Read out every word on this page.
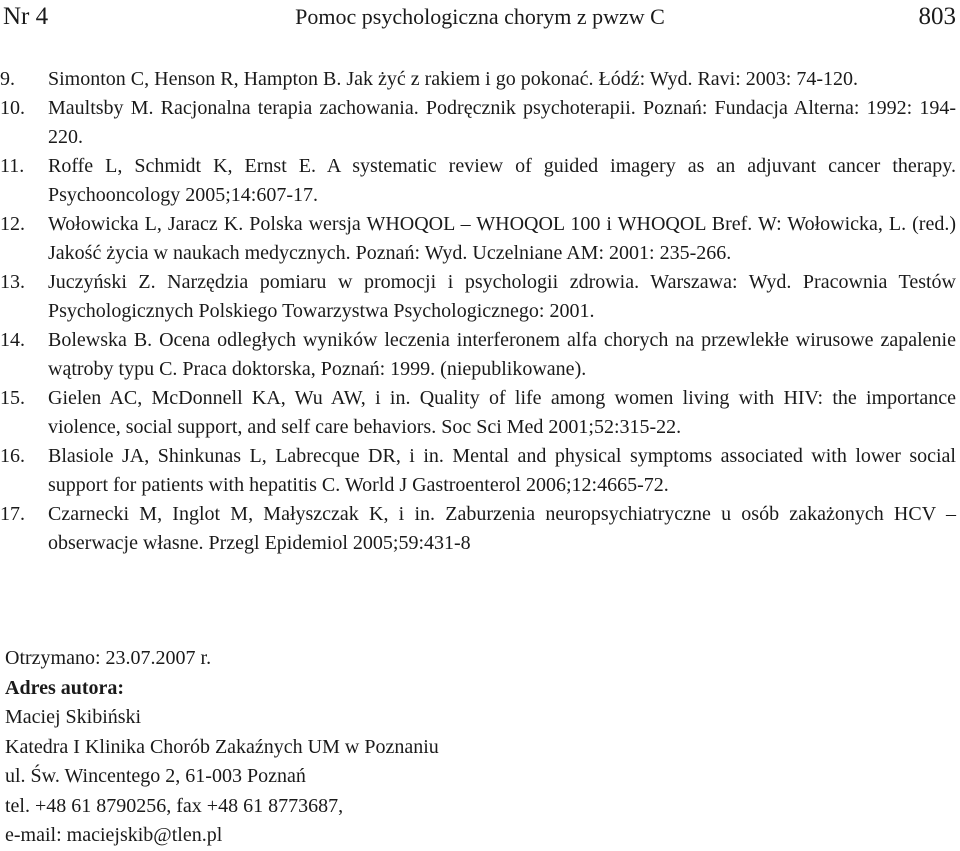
Pomoc psychologiczna chorym z pwzw C
Nr 4	803
9.	Simonton C, Henson R, Hampton B. Jak żyć z rakiem i go pokonać. Łódź: Wyd. Ravi: 2003: 74-120.
10.	Maultsby M. Racjonalna terapia zachowania. Podręcznik psychoterapii. Poznań: Fundacja Alterna: 1992: 194-220.
11.	Roffe L, Schmidt K, Ernst E. A systematic review of guided imagery as an adjuvant cancer therapy. Psychooncology 2005;14:607-17.
12.	Wołowicka L, Jaracz K. Polska wersja WHOQOL – WHOQOL 100 i WHOQOL Bref. W: Wołowicka, L. (red.) Jakość życia w naukach medycznych. Poznań: Wyd. Uczelniane AM: 2001: 235-266.
13.	Juczyński Z. Narzędzia pomiaru w promocji i psychologii zdrowia. Warszawa: Wyd. Pracownia Testów Psychologicznych Polskiego Towarzystwa Psychologicznego: 2001.
14.	Bolewska B. Ocena odległych wyników leczenia interferonem alfa chorych na przewlekłe wirusowe zapalenie wątroby typu C. Praca doktorska, Poznań: 1999. (niepublikowane).
15.	Gielen AC, McDonnell KA, Wu AW, i in. Quality of life among women living with HIV: the importance violence, social support, and self care behaviors. Soc Sci Med 2001;52:315-22.
16.	Blasiole JA, Shinkunas L, Labrecque DR, i in. Mental and physical symptoms associated with lower social support for patients with hepatitis C. World J Gastroenterol 2006;12:4665-72.
17.	Czarnecki M, Inglot M, Małyszczak K, i in. Zaburzenia neuropsychiatryczne u osób zakażonych HCV – obserwacje własne. Przegl Epidemiol 2005;59:431-8
Otrzymano: 23.07.2007 r.
Adres autora:
Maciej Skibiński
Katedra I Klinika Chorób Zakaźnych UM w Poznaniu
ul. Św. Wincentego 2, 61-003 Poznań
tel. +48 61 8790256, fax +48 61 8773687,
e-mail: maciejskib@tlen.pl
